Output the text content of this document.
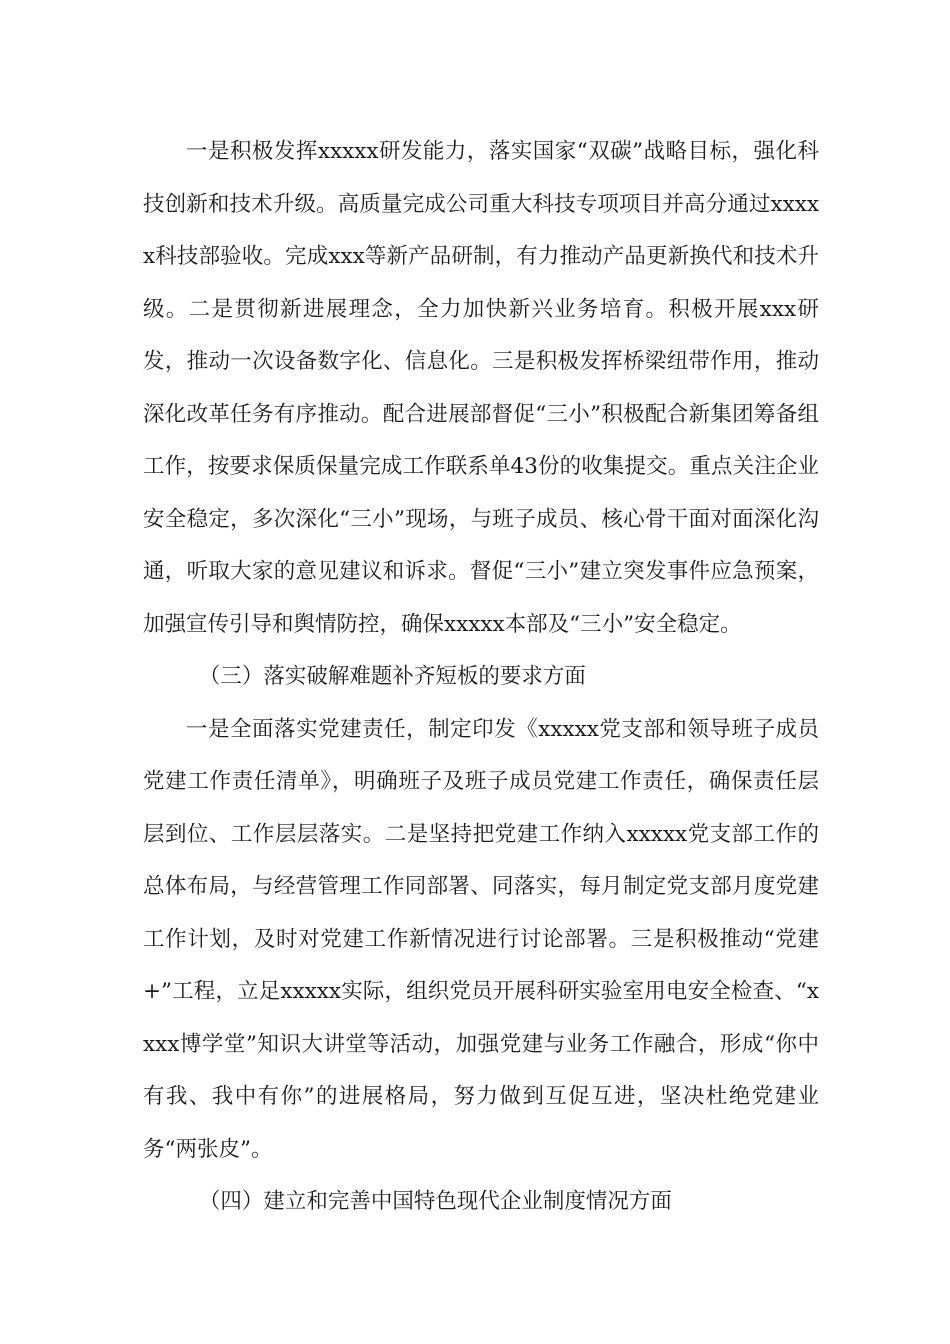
一是积极发挥xxxxx研发能力，落实国家“双碳”战略目标，强化科技创新和技术升级。高质量完成公司重大科技专项项目并高分通过xxxxx科技部验收。完成xxx等新产品研制，有力推动产品更新换代和技术升级。二是贯彻新进展理念，全力加快新兴业务培育。积极开展xxx研发，推动一次设备数字化、信息化。三是积极发挥桥梁纽带作用，推动深化改革任务有序推动。配合进展部督促“三小”积极配合新集团筹备组工作，按要求保质保量完成工作联系单43份的收集提交。重点关注企业安全稳定，多次深化“三小”现场，与班子成员、核心骨干面对面深化沟通，听取大家的意见建议和诉求。督促“三小”建立突发事件应急预案，加强宣传引导和舆情防控，确保xxxxx本部及“三小”安全稳定。

（三）落实破解难题补齐短板的要求方面

一是全面落实党建责任，制定印发《xxxxx党支部和领导班子成员党建工作责任清单》，明确班子及班子成员党建工作责任，确保责任层层到位、工作层层落实。二是坚持把党建工作纳入xxxxx党支部工作的总体布局，与经营管理工作同部署、同落实，每月制定党支部月度党建工作计划，及时对党建工作新情况进行讨论部署。三是积极推动“党建+”工程，立足xxxxx实际，组织党员开展科研实验室用电安全检查、“xxxx博学堂”知识大讲堂等活动，加强党建与业务工作融合，形成“你中有我、我中有你”的进展格局，努力做到互促互进，坚决杜绝党建业务“两张皮”。

（四）建立和完善中国特色现代企业制度情况方面
